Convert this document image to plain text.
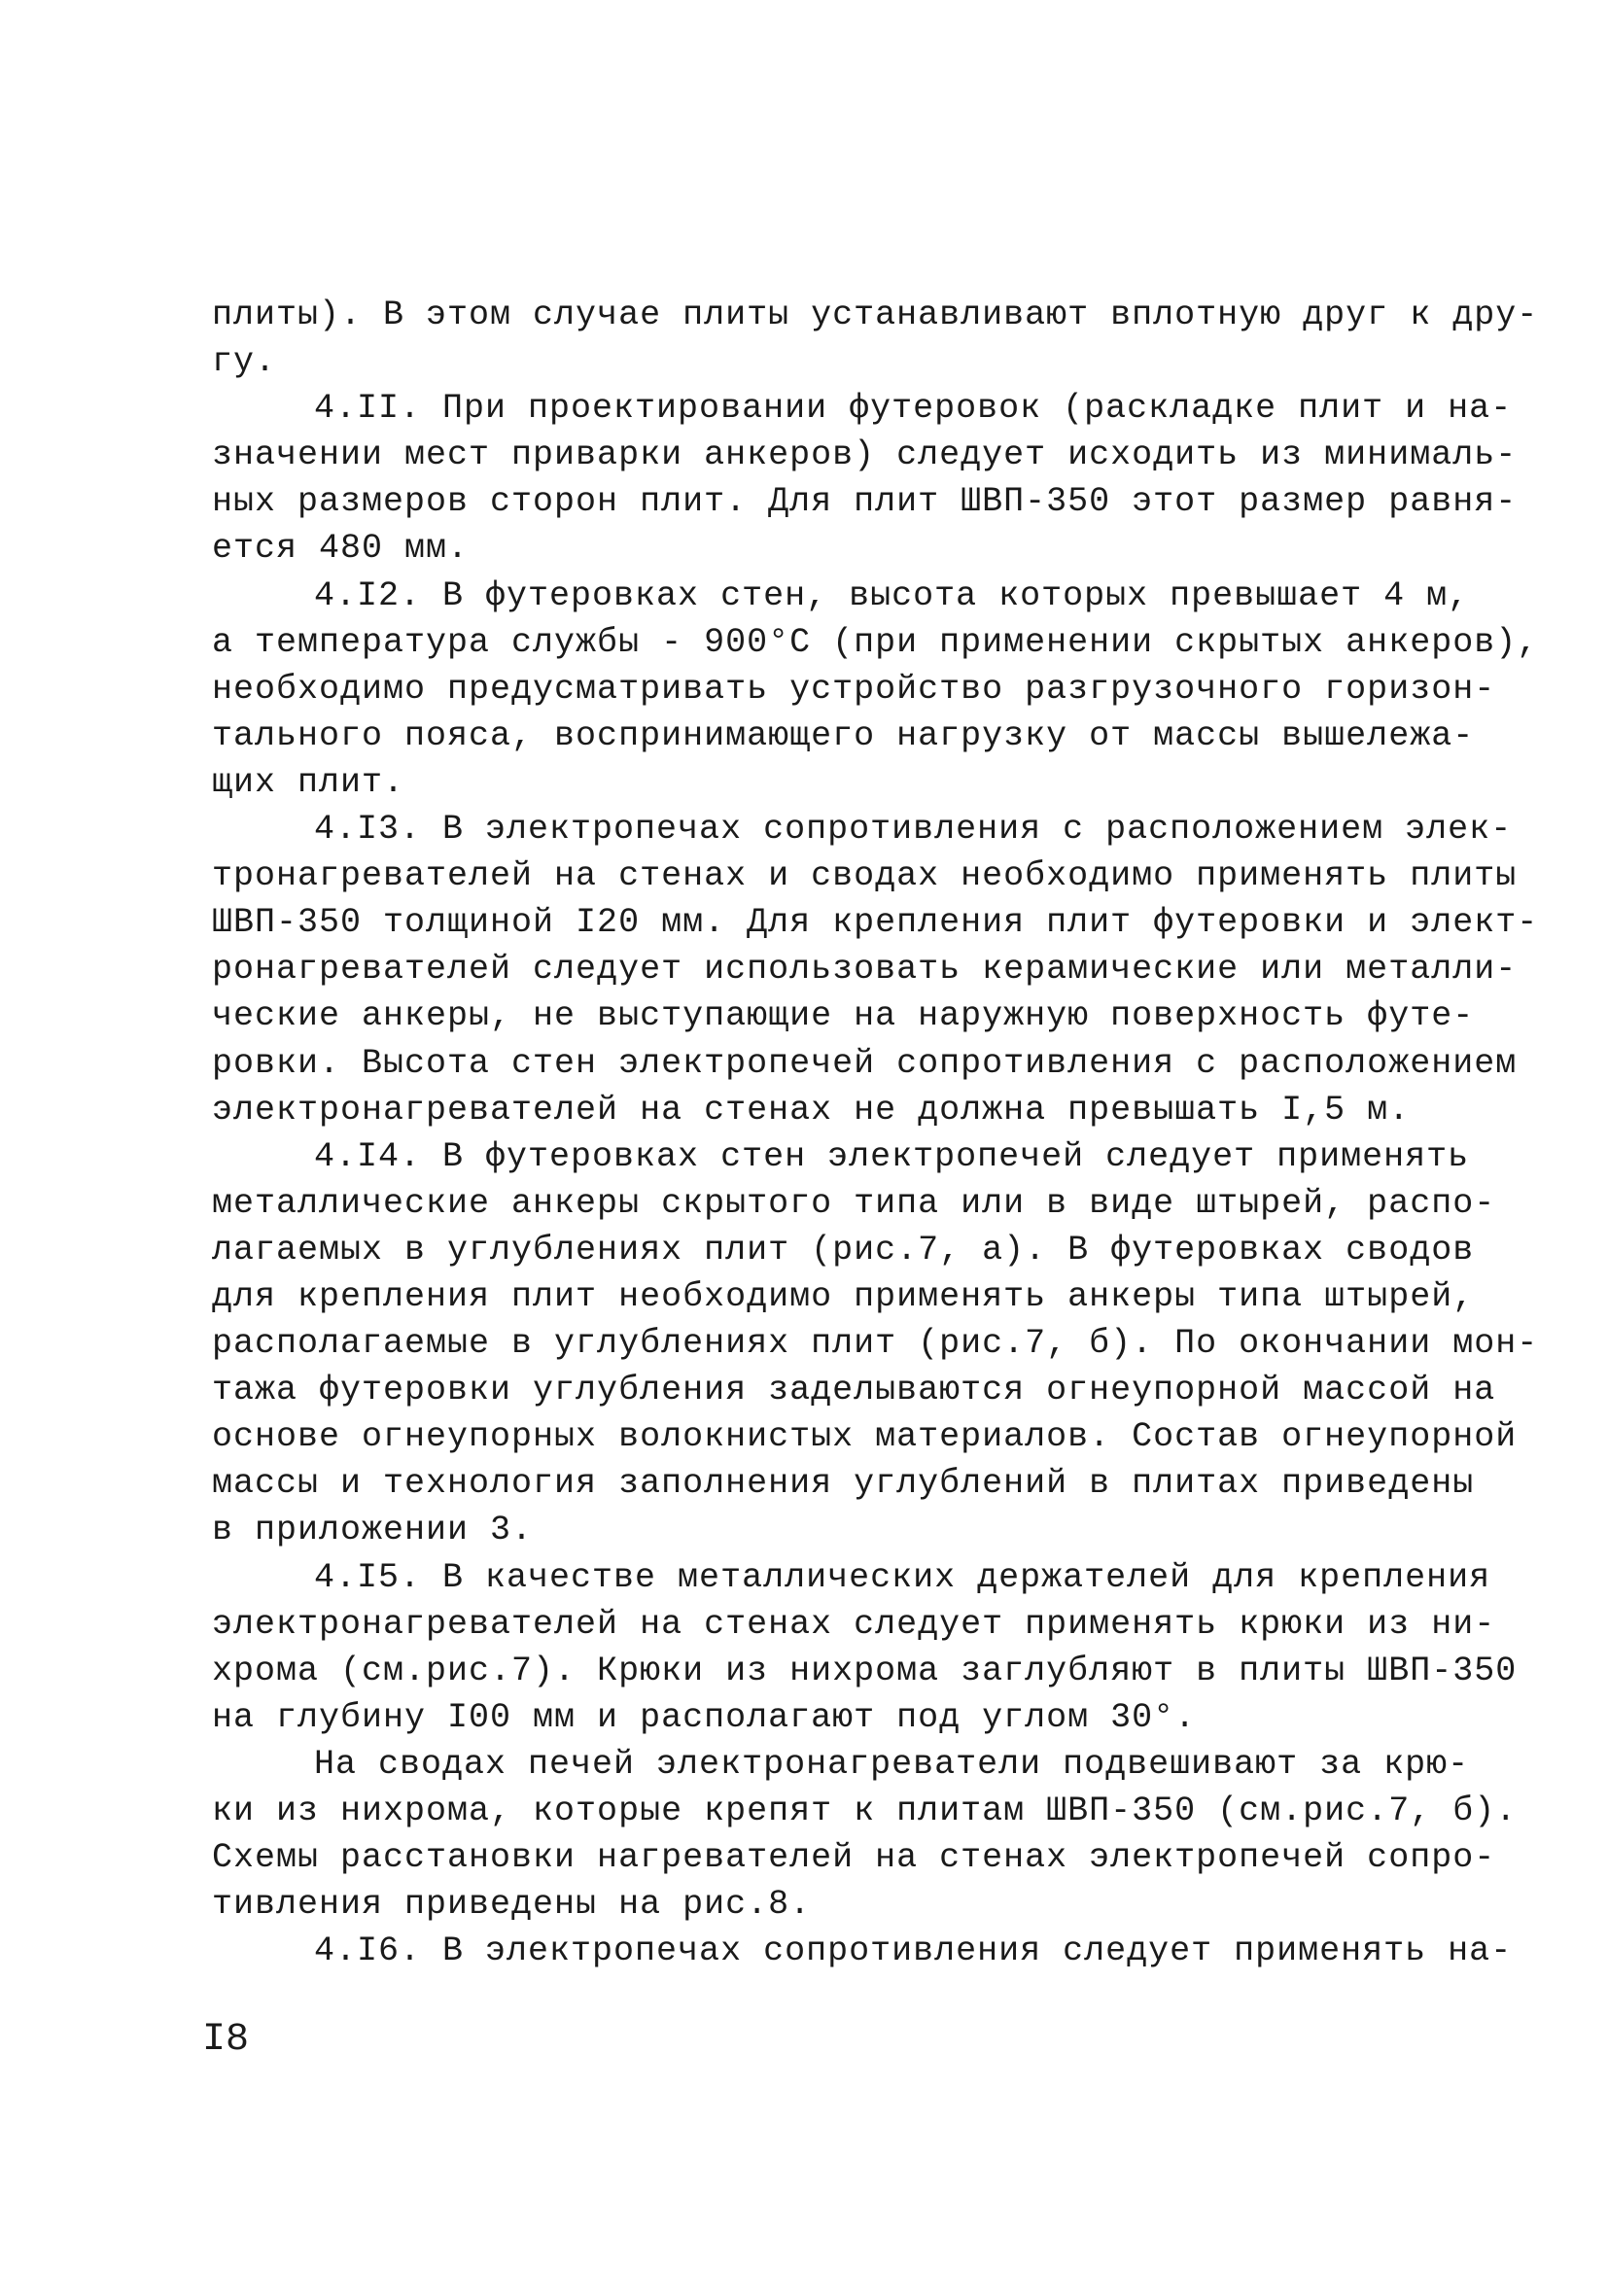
плиты). В этом случае плиты устанавливают вплотную друг к дру-
гу.
4.II. При проектировании футеровок (раскладке плит и на-
значении мест приварки анкеров) следует исходить из минималь-
ных размеров сторон плит. Для плит ШВП-350 этот размер равня-
ется 480 мм.
4.I2. В футеровках стен, высота которых превышает 4 м,
а температура службы - 900°С (при применении скрытых анкеров),
необходимо предусматривать устройство разгрузочного горизон-
тального пояса, воспринимающего нагрузку от массы вышележа-
щих плит.
4.I3. В электропечах сопротивления с расположением элек-
тронагревателей на стенах и сводах необходимо применять плиты
ШВП-350 толщиной I20 мм. Для крепления плит футеровки и элект-
ронагревателей следует использовать керамические или металли-
ческие анкеры, не выступающие на наружную поверхность футе-
ровки. Высота стен электропечей сопротивления с расположением
электронагревателей на стенах не должна превышать I,5 м.
4.I4. В футеровках стен электропечей следует применять
металлические анкеры скрытого типа или в виде штырей, распо-
лагаемых в углублениях плит (рис.7, а). В футеровках сводов
для крепления плит необходимо применять анкеры типа штырей,
располагаемые в углублениях плит (рис.7, б). По окончании мон-
тажа футеровки углубления заделываются огнеупорной массой на
основе огнеупорных волокнистых материалов. Состав огнеупорной
массы и технология заполнения углублений в плитах приведены
в приложении 3.
4.I5. В качестве металлических держателей для крепления
электронагревателей на стенах следует применять крюки из ни-
хрома (см.рис.7). Крюки из нихрома заглубляют в плиты ШВП-350
на глубину I00 мм и располагают под углом 30°.
На сводах печей электронагреватели подвешивают за крю-
ки из нихрома, которые крепят к плитам ШВП-350 (см.рис.7, б).
Схемы расстановки нагревателей на стенах электропечей сопро-
тивления приведены на рис.8.
4.I6. В электропечах сопротивления следует применять на-
I8
